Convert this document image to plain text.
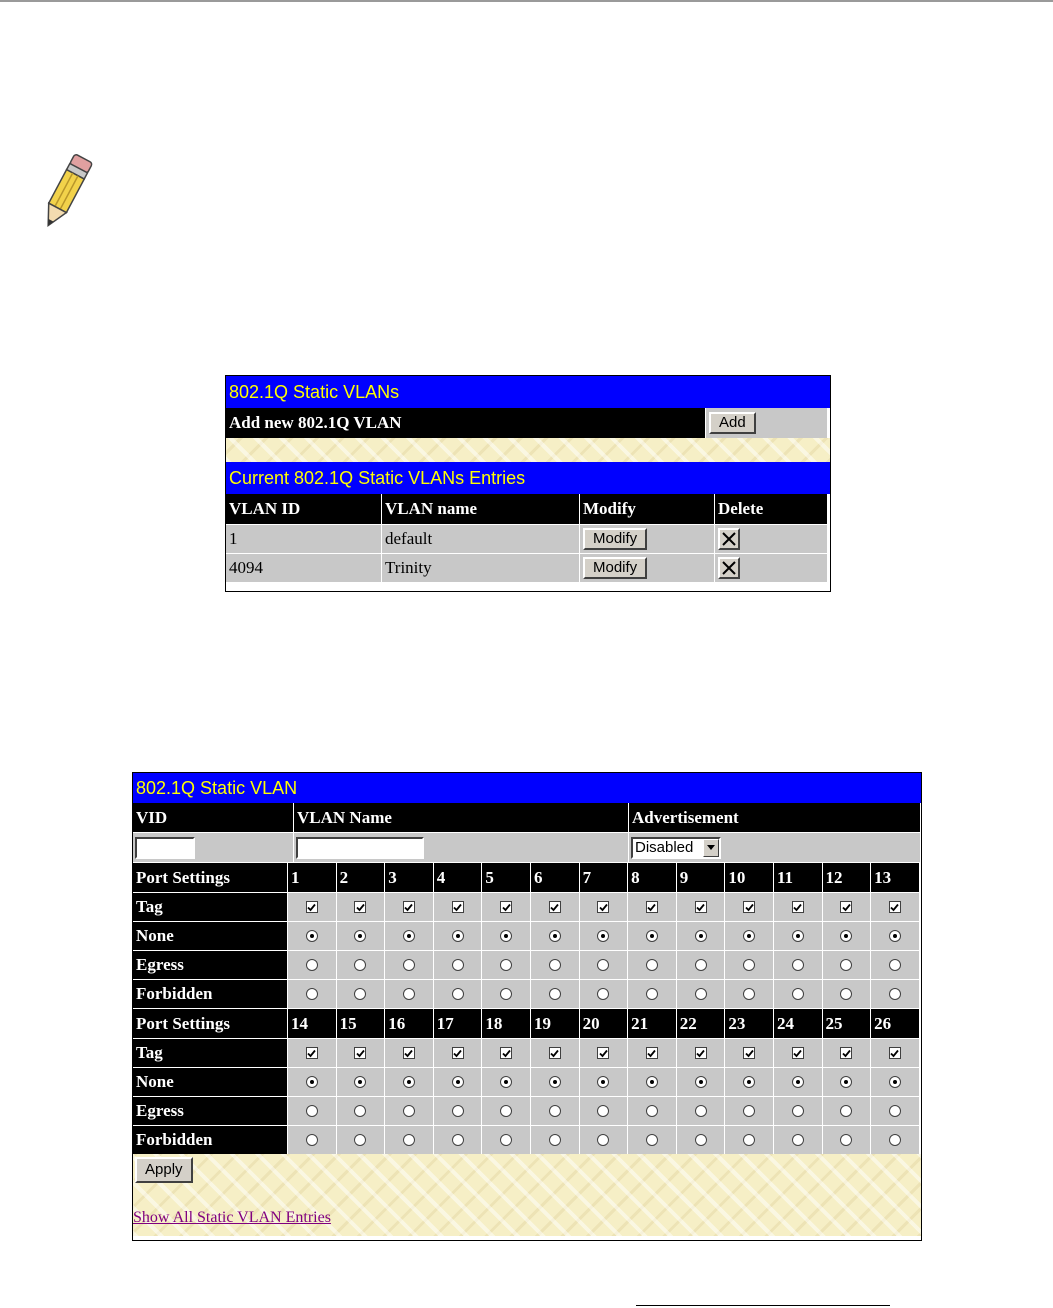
802.1Q Static VLANs
Add new 802.1Q VLAN	Add
Current 802.1Q Static VLANs Entries
VLAN ID	VLAN name	Modify	Delete
1	default	Modify
4094	Trinity	Modify
802.1Q Static VLAN
VID	VLAN Name	Advertisement
Disabled
Port Settings	1	2	3	4	5	6	7	8	9	10	11	12	13
Tag
None
Egress
Forbidden
Port Settings	14	15	16	17	18	19	20	21	22	23	24	25	26
Tag
None
Egress
Forbidden
Apply
Show All Static VLAN Entries
